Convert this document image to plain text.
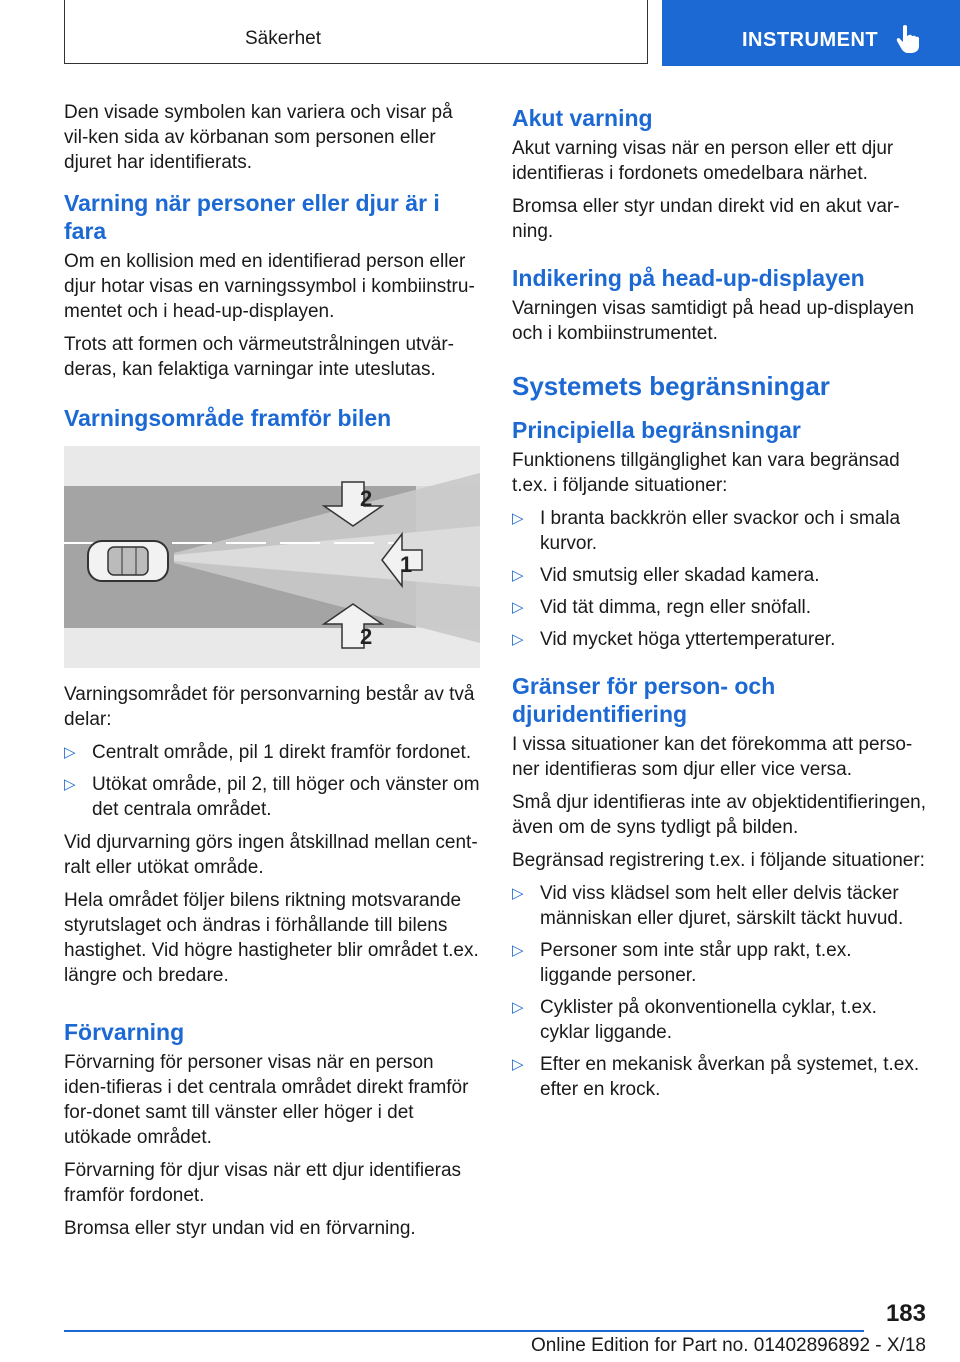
Säkerhet	INSTRUMENT

Den visade symbolen kan variera och visar på vil-ken sida av körbanan som personen eller djuret har identifierats.

Varning när personer eller djur är i fara

Om en kollision med en identifierad person eller djur hotar visas en varningssymbol i kombiinstru-mentet och i head-up-displayen.

Trots att formen och värmeutstrålningen utvär-deras, kan felaktiga varningar inte uteslutas.

Varningsområde framför bilen
2
1
2

Varningsområdet för personvarning består av två delar:

▷ Centralt område, pil 1 direkt framför fordonet.
▷ Utökat område, pil 2, till höger och vänster om det centrala området.

Vid djurvarning görs ingen åtskillnad mellan cent-ralt eller utökat område.

Hela området följer bilens riktning motsvarande styrutslaget och ändras i förhållande till bilens hastighet. Vid högre hastigheter blir området t.ex. längre och bredare.

Förvarning

Förvarning för personer visas när en person iden-tifieras i det centrala området direkt framför for-donet samt till vänster eller höger i det utökade området.

Förvarning för djur visas när ett djur identifieras framför fordonet.

Bromsa eller styr undan vid en förvarning.

Akut varning

Akut varning visas när en person eller ett djur identifieras i fordonets omedelbara närhet.

Bromsa eller styr undan direkt vid en akut var-ning.

Indikering på head-up-displayen

Varningen visas samtidigt på head up-displayen och i kombiinstrumentet.

Systemets begränsningar
Principiella begränsningar

Funktionens tillgänglighet kan vara begränsad t.ex. i följande situationer:

▷ I branta backkrön eller svackor och i smala kurvor.
▷ Vid smutsig eller skadad kamera.
▷ Vid tät dimma, regn eller snöfall.
▷ Vid mycket höga yttertemperaturer.
Gränser för person- och djuridentifiering

I vissa situationer kan det förekomma att perso-ner identifieras som djur eller vice versa.

Små djur identifieras inte av objektidentifieringen, även om de syns tydligt på bilden.

Begränsad registrering t.ex. i följande situationer:

▷ Vid viss klädsel som helt eller delvis täcker människan eller djuret, särskilt täckt huvud.
▷ Personer som inte står upp rakt, t.ex. liggande personer.
▷ Cyklister på okonventionella cyklar, t.ex. cyklar liggande.
▷ Efter en mekanisk åverkan på systemet, t.ex. efter en krock.
183
Online Edition for Part no. 01402896892 - X/18
